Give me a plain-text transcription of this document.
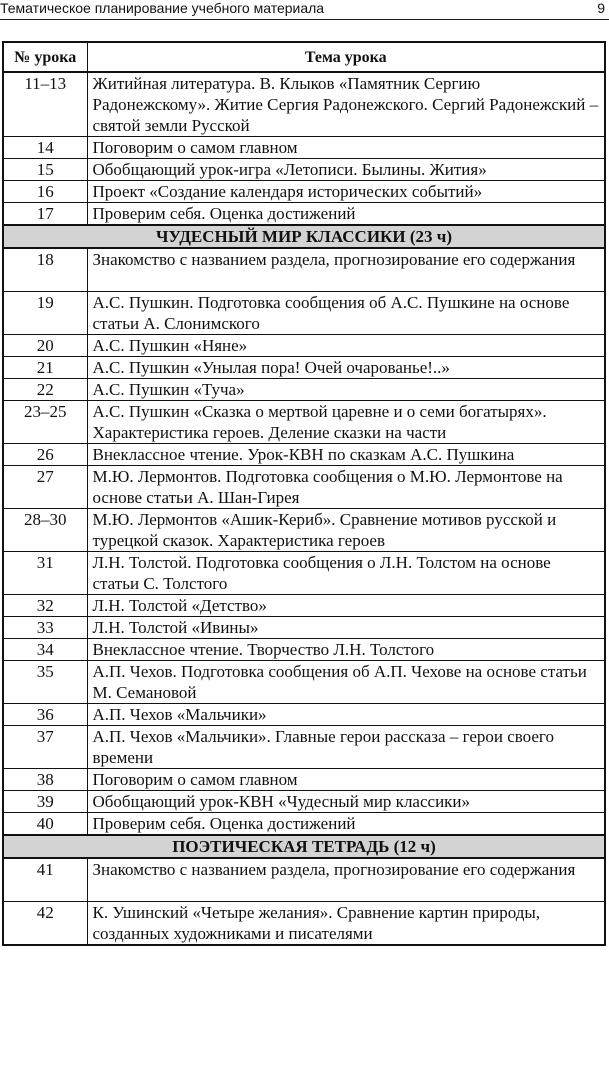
Тематическое планирование учебного материала	9
№ урока	Тема урока
11–13	Житийная литература. В. Клыков «Памятник Сергию Радонежскому». Житие Сергия Радонежского. Сергий Радонежский – святой земли Русской
14	Поговорим о самом главном
15	Обобщающий урок-игра «Летописи. Былины. Жития»
16	Проект «Создание календаря исторических событий»
17	Проверим себя. Оценка достижений
ЧУДЕСНЫЙ МИР КЛАССИКИ (23 ч)	
18	Знакомство с названием раздела, прогнозирование его содержания
19	А.С. Пушкин. Подготовка сообщения об А.С. Пушкине на основе статьи А. Слонимского
20	А.С. Пушкин «Няне»
21	А.С. Пушкин «Унылая пора! Очей очарованье!..»
22	А.С. Пушкин «Туча»
23–25	А.С. Пушкин «Сказка о мертвой царевне и о семи богатырях». Характеристика героев. Деление сказки на части
26	Внеклассное чтение. Урок-КВН по сказкам А.С. Пушкина
27	М.Ю. Лермонтов. Подготовка сообщения о М.Ю. Лермонтове на основе статьи А. Шан-Гирея
28–30	М.Ю. Лермонтов «Ашик-Кериб». Сравнение мотивов русской и турецкой сказок. Характеристика героев
31	Л.Н. Толстой. Подготовка сообщения о Л.Н. Толстом на основе статьи С. Толстого
32	Л.Н. Толстой «Детство»
33	Л.Н. Толстой «Ивины»
34	Внеклассное чтение. Творчество Л.Н. Толстого
35	А.П. Чехов. Подготовка сообщения об А.П. Чехове на основе статьи М. Семановой
36	А.П. Чехов «Мальчики»
37	А.П. Чехов «Мальчики». Главные герои рассказа – герои своего времени
38	Поговорим о самом главном
39	Обобщающий урок-КВН «Чудесный мир классики»
40	Проверим себя. Оценка достижений
ПОЭТИЧЕСКАЯ ТЕТРАДЬ (12 ч)	
41	Знакомство с названием раздела, прогнозирование его содержания
42	К. Ушинский «Четыре желания». Сравнение картин природы, созданных художниками и писателями
